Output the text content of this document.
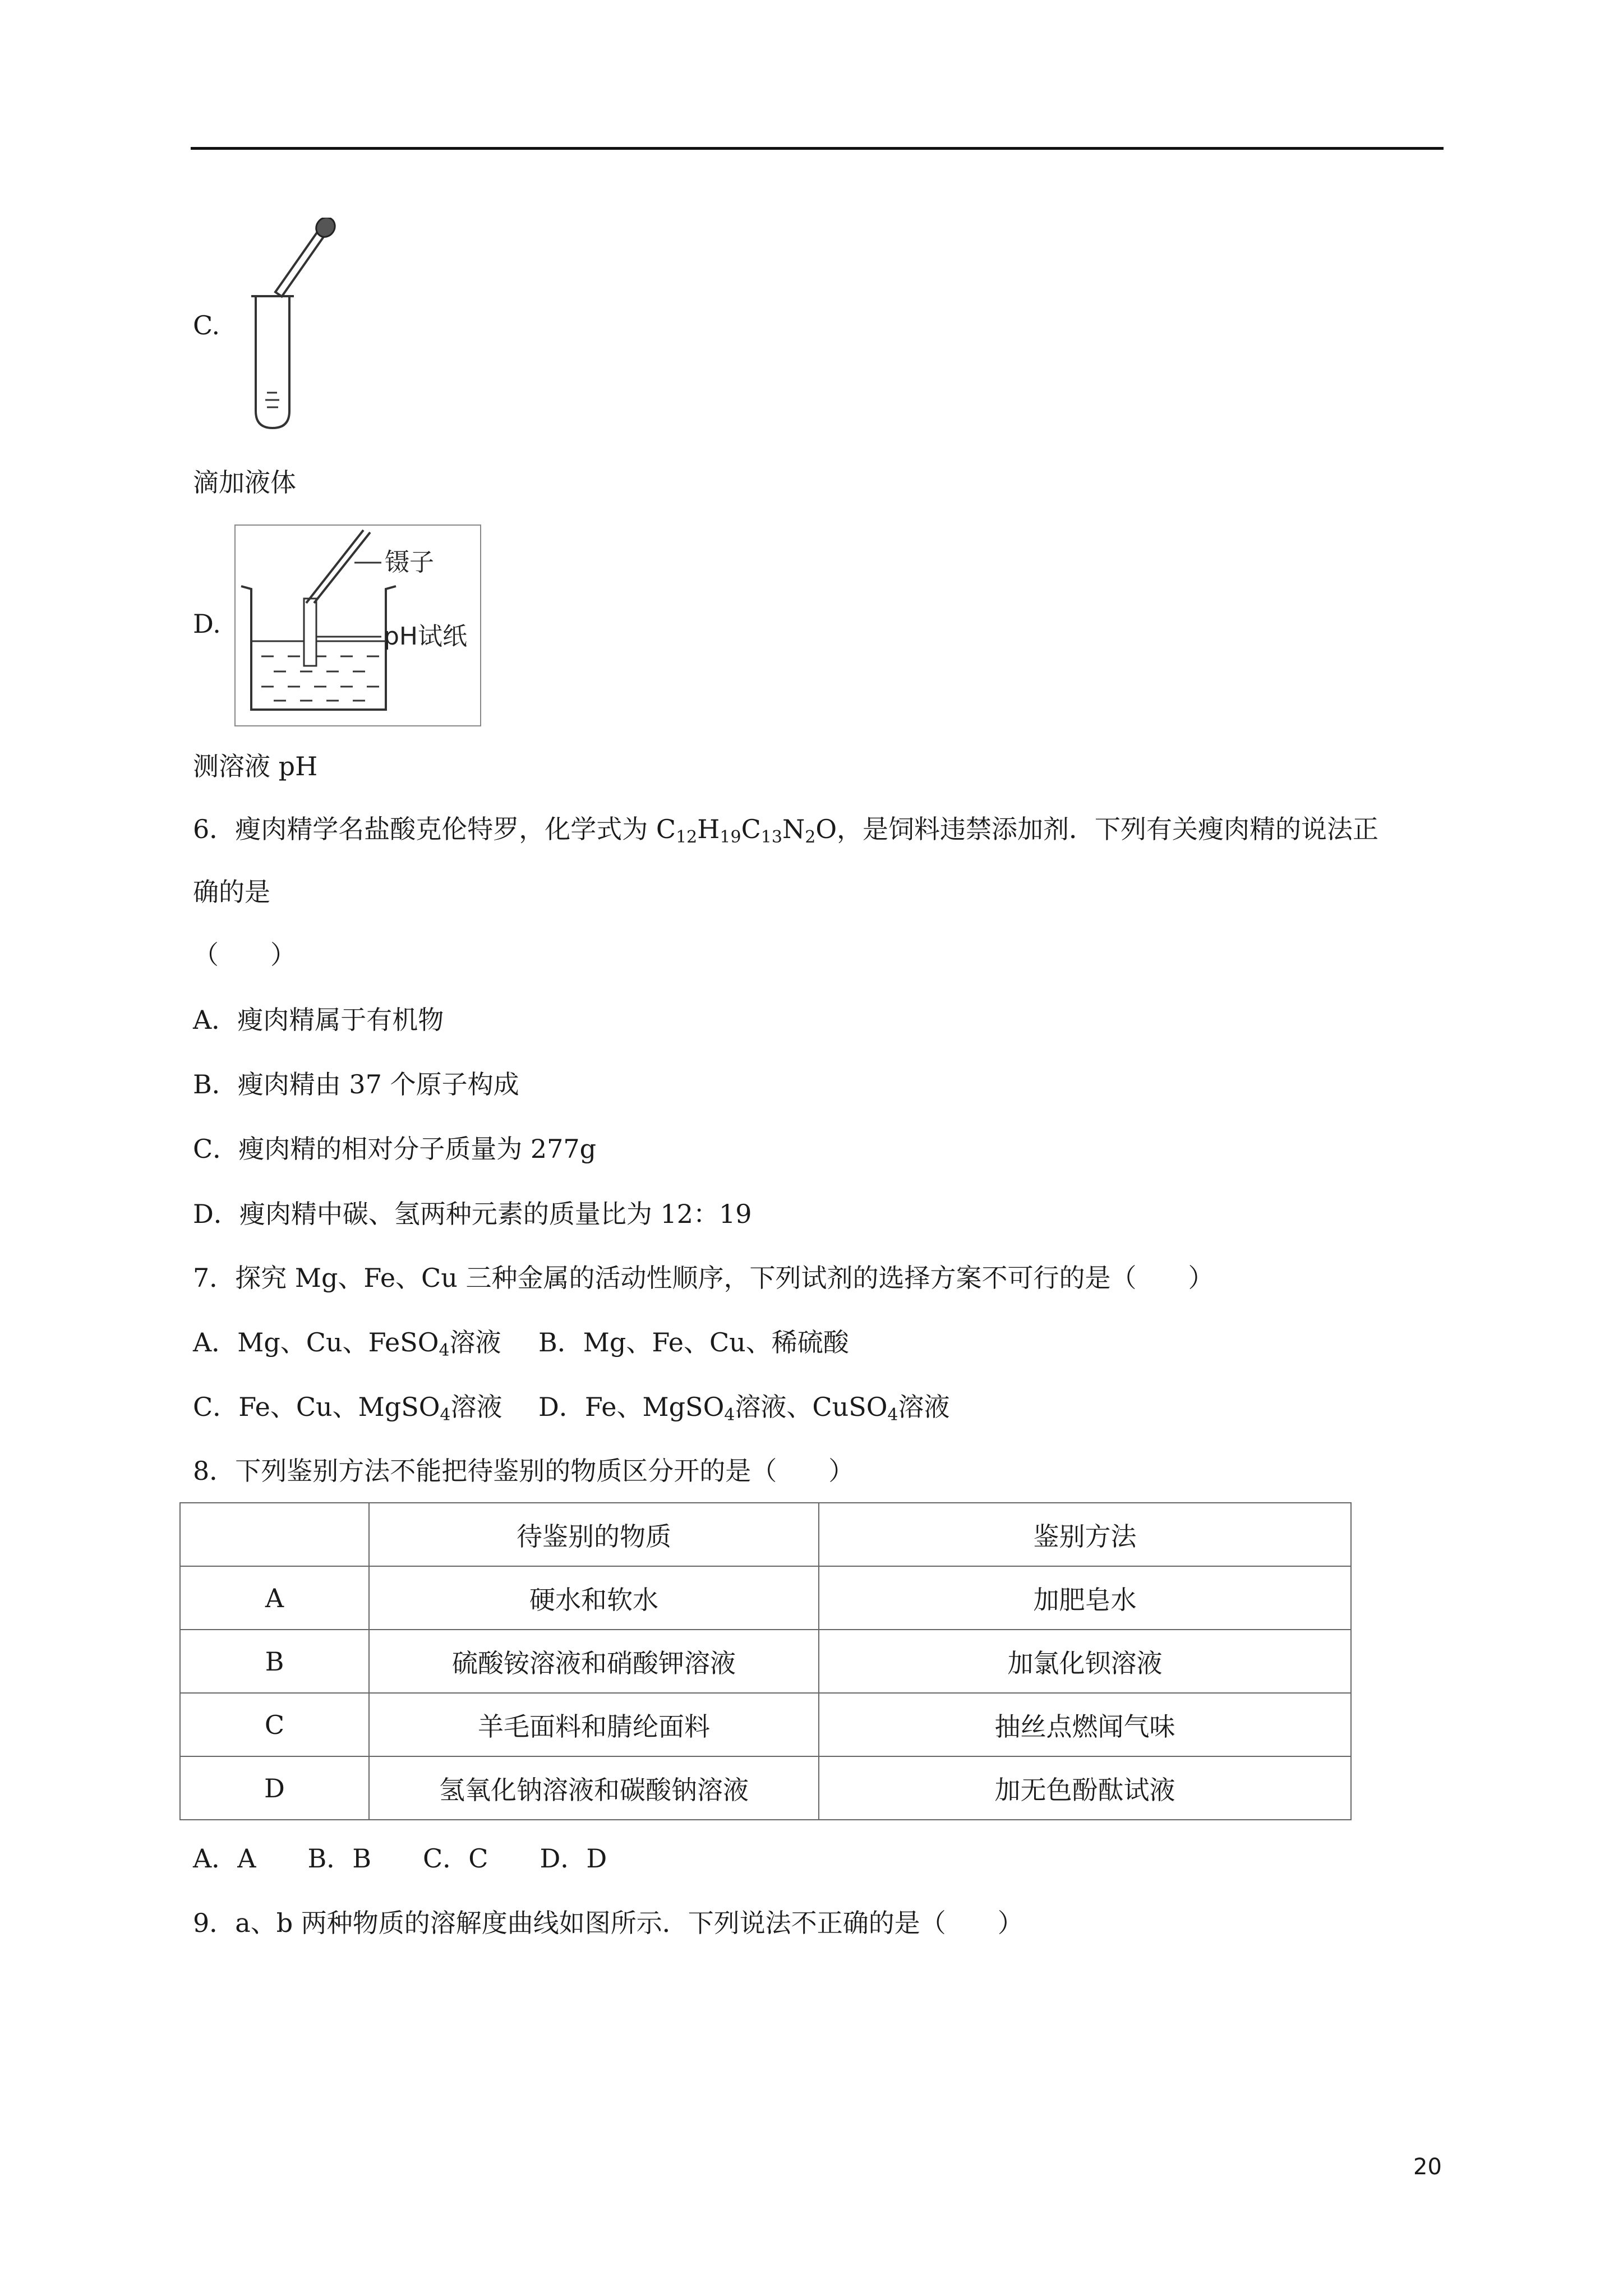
C.
滴加液体
D.
镊子
pH试纸
测溶液 pH
6．瘦肉精学名盐酸克伦特罗，化学式为 $C_{12}H_{19}C_{13}N_2O$，是饲料违禁添加剂．下列有关瘦肉精的说法正
确的是
（　　）
A．瘦肉精属于有机物
B．瘦肉精由 37 个原子构成
C．瘦肉精的相对分子质量为 277g
D．瘦肉精中碳、氢两种元素的质量比为 12：19
7．探究 Mg、Fe、Cu 三种金属的活动性顺序，下列试剂的选择方案不可行的是（　　）
A．Mg、Cu、FeSO$_4$溶液 B．Mg、Fe、Cu、稀硫酸
C．Fe、Cu、MgSO$_4$溶液 D．Fe、MgSO$_4$溶液、CuSO$_4$溶液
8．下列鉴别方法不能把待鉴别的物质区分开的是（　　）
	待鉴别的物质	鉴别方法
A	硬水和软水	加肥皂水
B	硫酸铵溶液和硝酸钾溶液	加氯化钡溶液
C	羊毛面料和腈纶面料	抽丝点燃闻气味
D	氢氧化钠溶液和碳酸钠溶液	加无色酚酞试液
A．A　　B．B　　C．C　　D．D
9．a、b 两种物质的溶解度曲线如图所示．下列说法不正确的是（　　）
20
